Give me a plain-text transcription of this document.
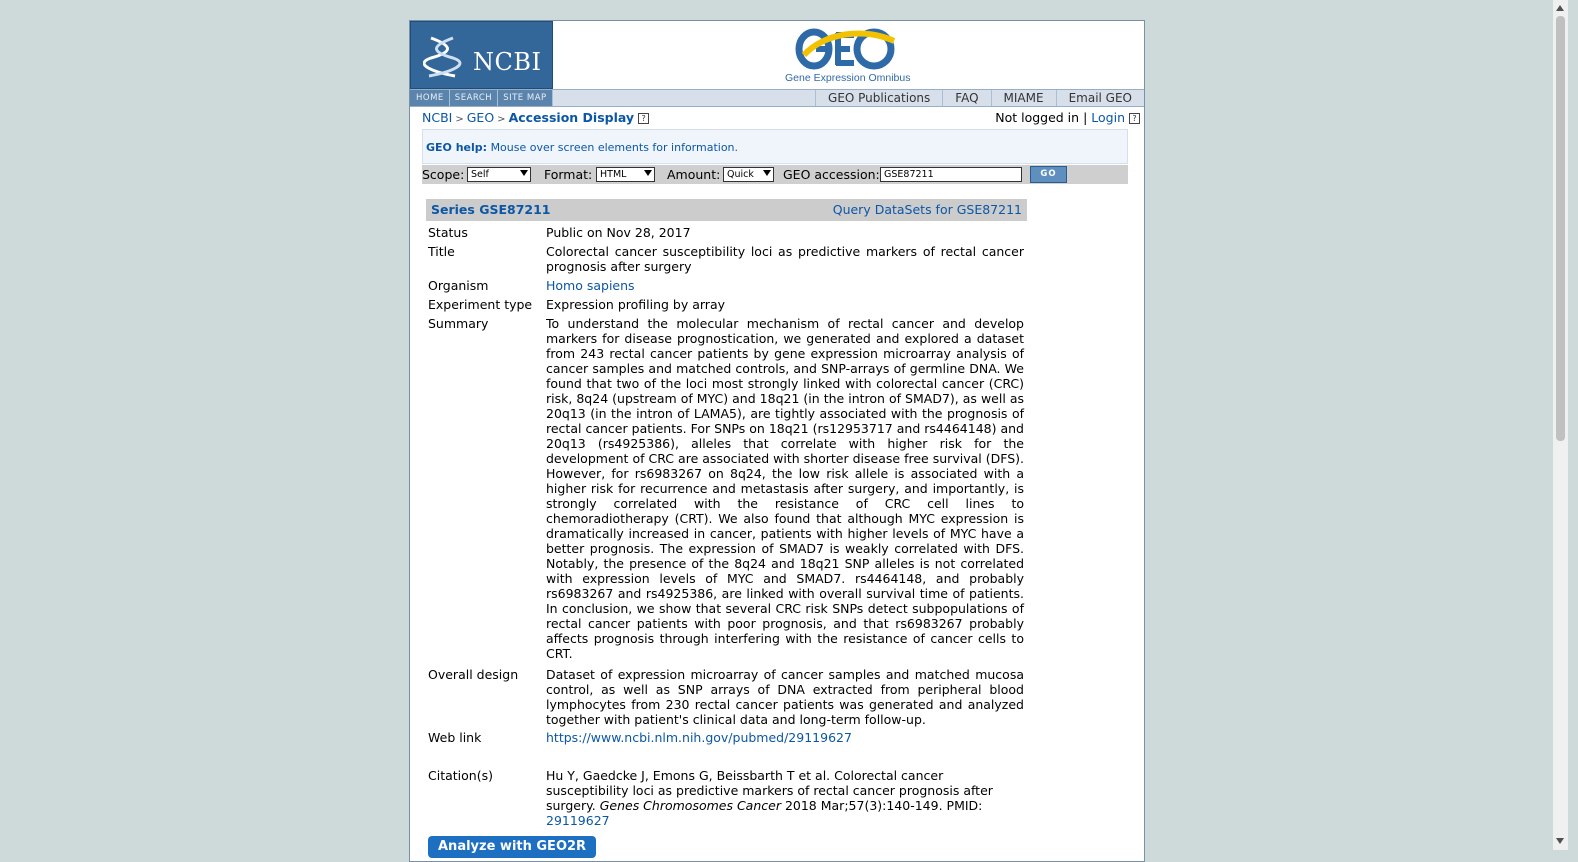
NCBI
Gene Expression Omnibus
HOME	SEARCH	SITE MAP	GEO Publications	FAQ	MIAME	Email GEO
NCBI > GEO > Accession Display ?	Not logged in | Login ?
GEO help: Mouse over screen elements for information.
Scope: Self	Format: HTML	Amount: Quick	GEO accession: GSE87211	GO
Series GSE87211	Query DataSets for GSE87211
Status	Public on Nov 28, 2017
Title	Colorectal cancer susceptibility loci as predictive markers of rectal cancer prognosis after surgery
Organism	Homo sapiens
Experiment type	Expression profiling by array
Summary	To understand the molecular mechanism of rectal cancer and develop markers for disease prognostication, we generated and explored a dataset from 243 rectal cancer patients by gene expression microarray analysis of cancer samples and matched controls, and SNP-arrays of germline DNA. We found that two of the loci most strongly linked with colorectal cancer (CRC) risk, 8q24 (upstream of MYC) and 18q21 (in the intron of SMAD7), as well as 20q13 (in the intron of LAMA5), are tightly associated with the prognosis of rectal cancer patients. For SNPs on 18q21 (rs12953717 and rs4464148) and 20q13 (rs4925386), alleles that correlate with higher risk for the development of CRC are associated with shorter disease free survival (DFS). However, for rs6983267 on 8q24, the low risk allele is associated with a higher risk for recurrence and metastasis after surgery, and importantly, is strongly correlated with the resistance of CRC cell lines to chemoradiotherapy (CRT). We also found that although MYC expression is dramatically increased in cancer, patients with higher levels of MYC have a better prognosis. The expression of SMAD7 is weakly correlated with DFS. Notably, the presence of the 8q24 and 18q21 SNP alleles is not correlated with expression levels of MYC and SMAD7. rs4464148, and probably rs6983267 and rs4925386, are linked with overall survival time of patients. In conclusion, we show that several CRC risk SNPs detect subpopulations of rectal cancer patients with poor prognosis, and that rs6983267 probably affects prognosis through interfering with the resistance of cancer cells to CRT.
Overall design	Dataset of expression microarray of cancer samples and matched mucosa control, as well as SNP arrays of DNA extracted from peripheral blood lymphocytes from 230 rectal cancer patients was generated and analyzed together with patient's clinical data and long-term follow-up.
Web link	https://www.ncbi.nlm.nih.gov/pubmed/29119627
Citation(s)	Hu Y, Gaedcke J, Emons G, Beissbarth T et al. Colorectal cancer susceptibility loci as predictive markers of rectal cancer prognosis after surgery. Genes Chromosomes Cancer 2018 Mar;57(3):140-149. PMID: 29119627
Analyze with GEO2R
